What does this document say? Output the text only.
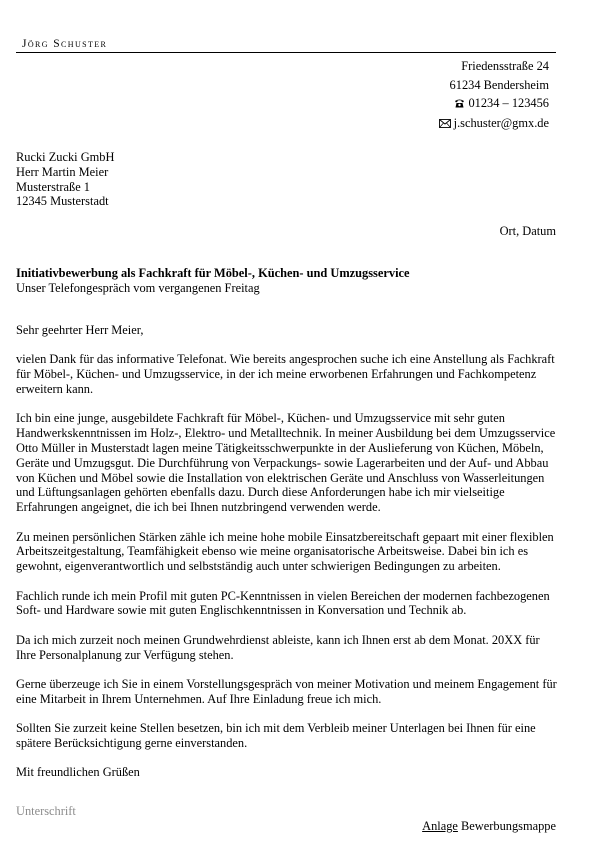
Jörg Schuster
Friedensstraße 24
61234 Bendersheim
01234 – 123456
j.schuster@gmx.de
Rucki Zucki GmbH
Herr Martin Meier
Musterstraße 1
12345 Musterstadt
Ort, Datum
Initiativbewerbung als Fachkraft für Möbel-, Küchen- und Umzugsservice
Unser Telefongespräch vom vergangenen Freitag

Sehr geehrter Herr Meier,

vielen Dank für das informative Telefonat. Wie bereits angesprochen suche ich eine Anstellung als Fachkraft für Möbel-, Küchen- und Umzugsservice, in der ich meine erworbenen Erfahrungen und Fachkompetenz erweitern kann.

Ich bin eine junge, ausgebildete Fachkraft für Möbel-, Küchen- und Umzugsservice mit sehr guten Handwerkskenntnissen im Holz-, Elektro- und Metalltechnik. In meiner Ausbildung bei dem Umzugsservice Otto Müller in Musterstadt lagen meine Tätigkeitsschwerpunkte in der Auslieferung von Küchen, Möbeln, Geräte und Umzugsgut. Die Durchführung von Verpackungs- sowie Lagerarbeiten und der Auf- und Abbau von Küchen und Möbel sowie die Installation von elektrischen Geräte und Anschluss von Wasserleitungen und Lüftungsanlagen gehörten ebenfalls dazu. Durch diese Anforderungen habe ich mir vielseitige Erfahrungen angeignet, die ich bei Ihnen nutzbringend verwenden werde.

Zu meinen persönlichen Stärken zähle ich meine hohe mobile Einsatzbereitschaft gepaart mit einer flexiblen Arbeitszeitgestaltung, Teamfähigkeit ebenso wie meine organisatorische Arbeitsweise. Dabei bin ich es gewohnt, eigenverantwortlich und selbstständig auch unter schwierigen Bedingungen zu arbeiten.

Fachlich runde ich mein Profil mit guten PC-Kenntnissen in vielen Bereichen der modernen fachbezogenen Soft- und Hardware sowie mit guten Englischkenntnissen in Konversation und Technik ab.

Da ich mich zurzeit noch meinen Grundwehrdienst ableiste, kann ich Ihnen erst ab dem Monat. 20XX für Ihre Personalplanung zur Verfügung stehen.

Gerne überzeuge ich Sie in einem Vorstellungsgespräch von meiner Motivation und meinem Engagement für eine Mitarbeit in Ihrem Unternehmen. Auf Ihre Einladung freue ich mich.

Sollten Sie zurzeit keine Stellen besetzen, bin ich mit dem Verbleib meiner Unterlagen bei Ihnen für eine spätere Berücksichtigung gerne einverstanden.

Mit freundlichen Grüßen

Unterschrift
Anlage Bewerbungsmappe
